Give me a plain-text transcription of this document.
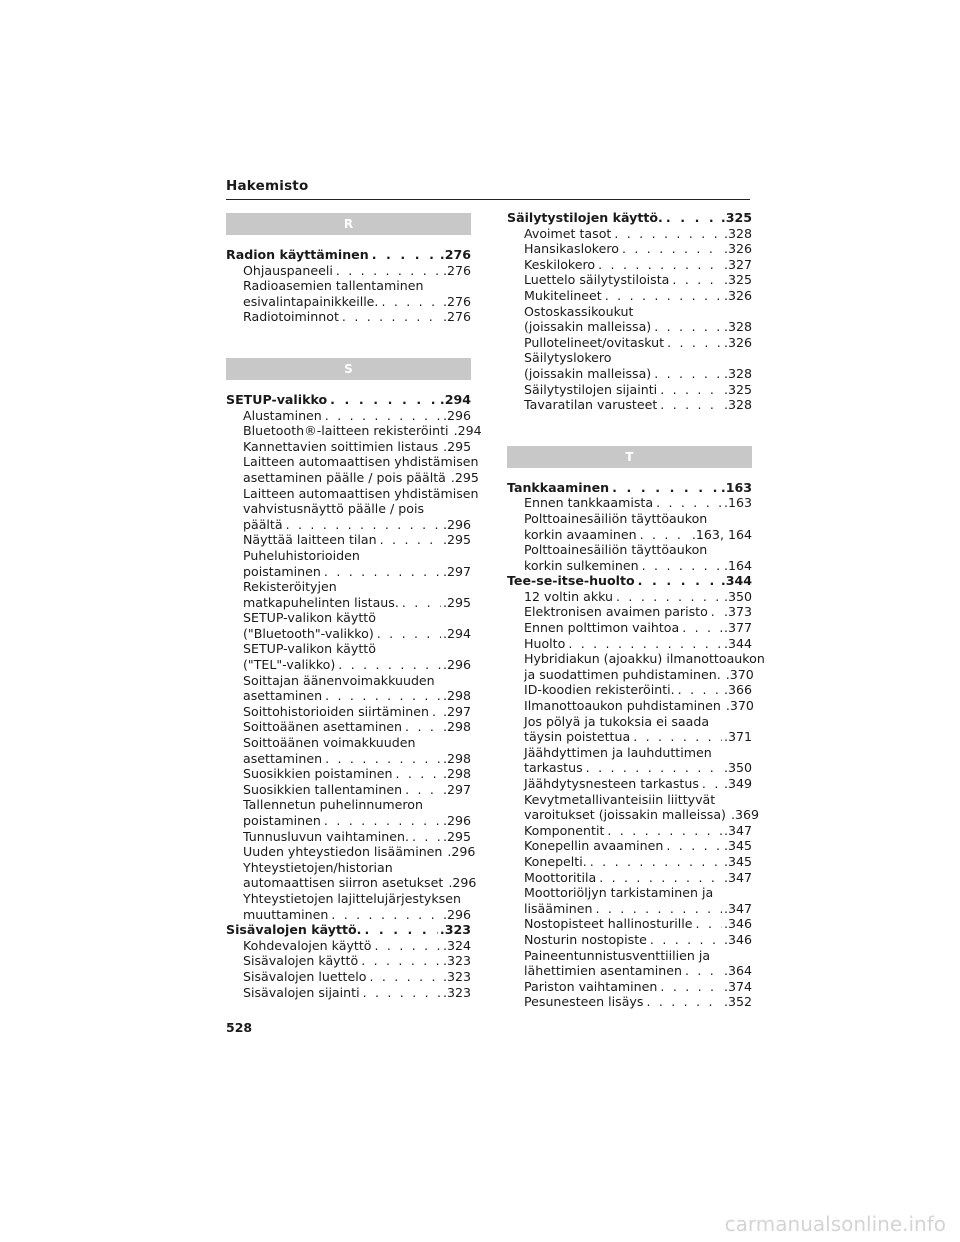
Hakemisto
R
Radion käyttäminen . . .	.276
Ohjauspaneeli . . .	.276
Radioasemien tallentaminen
esivalintapainikkeille. . . .	.276
Radiotoiminnot . . .	.276
S
SETUP-valikko . . .	.294
Alustaminen . . .	.296
Bluetooth®-laitteen rekisteröinti .294
Kannettavien soittimien listaus .295
Laitteen automaattisen yhdistämisen
asettaminen päälle / pois päältä .295
Laitteen automaattisen yhdistämisen
vahvistusnäyttö päälle / pois
päältä . . .	.296
Näyttää laitteen tilan . . .	.295
Puheluhistorioiden
poistaminen . . .	.297
Rekisteröityjen
matkapuhelinten listaus. . . .	.295
SETUP-valikon käyttö
("Bluetooth"-valikko) . . .	.294
SETUP-valikon käyttö
("TEL"-valikko) . . .	.296
Soittajan äänenvoimakkuuden
asettaminen . . .	.298
Soittohistorioiden siirtäminen . . . .297
Soittoäänen asettaminen . . .	.298
Soittoäänen voimakkuuden
asettaminen . . .	.298
Suosikkien poistaminen . . .	.298
Suosikkien tallentaminen . . .	.297
Tallennetun puhelinnumeron
poistaminen . . .	.296
Tunnusluvun vaihtaminen. . . .	.295
Uuden yhteystiedon lisääminen .296
Yhteystietojen/historian
automaattisen siirron asetukset .296
Yhteystietojen lajittelujärjestyksen
muuttaminen . . .	.296
Sisävalojen käyttö. . . .	.323
Kohdevalojen käyttö . . .	.324
Sisävalojen käyttö . . .	.323
Sisävalojen luettelo . . .	.323
Sisävalojen sijainti . . .	.323
Säilytystilojen käyttö. . . .	.325
Avoimet tasot . . .	.328
Hansikaslokero . . .	.326
Keskilokero . . .	.327
Luettelo säilytystiloista . . .	.325
Mukitelineet . . .	.326
Ostoskassikoukut
(joissakin malleissa) . . .	.328
Pullotelineet/ovitaskut . . .	.326
Säilytyslokero
(joissakin malleissa) . . .	.328
Säilytystilojen sijainti . . .	.325
Tavaratilan varusteet . . .	.328
T
Tankkaaminen . . .	.163
Ennen tankkaamista . . .	.163
Polttoainesäiliön täyttöaukon
korkin avaaminen . . .	.163, 164
Polttoainesäiliön täyttöaukon
korkin sulkeminen . . .	.164
Tee-se-itse-huolto . . .	.344
12 voltin akku . . .	.350
Elektronisen avaimen paristo . . . .373
Ennen polttimon vaihtoa . . .	.377
Huolto . . .	.344
Hybridiakun (ajoakku) ilmanottoaukon
ja suodattimen puhdistaminen. .370
ID-koodien rekisteröinti. . . .	.366
Ilmanottoaukon puhdistaminen .370
Jos pölyä ja tukoksia ei saada
täysin poistettua . . .	.371
Jäähdyttimen ja lauhduttimen
tarkastus . . .	.350
Jäähdytysnesteen tarkastus . . . .349
Kevytmetallivanteisiin liittyvät
varoitukset (joissakin malleissa) .369
Komponentit . . .	.347
Konepellin avaaminen . . .	.345
Konepelti. . . .	.345
Moottoritila . . .	.347
Moottoriöljyn tarkistaminen ja
lisääminen . . .	.347
Nostopisteet hallinosturille . . . .346
Nosturin nostopiste . . .	.346
Paineentunnistusventtiilien ja
lähettimien asentaminen . . .	.364
Pariston vaihtaminen . . .	.374
Pesunesteen lisäys . . .	.352
528
carmanualsonline.info
